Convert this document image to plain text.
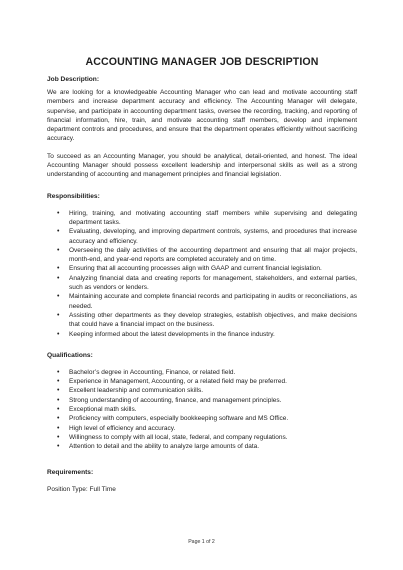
ACCOUNTING MANAGER JOB DESCRIPTION
Job Description:

We are looking for a knowledgeable Accounting Manager who can lead and motivate accounting staff members and increase department accuracy and efficiency. The Accounting Manager will delegate, supervise, and participate in accounting department tasks, oversee the recording, tracking, and reporting of financial information, hire, train, and motivate accounting staff members, develop and implement department controls and procedures, and ensure that the department operates efficiently without sacrificing accuracy.

To succeed as an Accounting Manager, you should be analytical, detail-oriented, and honest. The ideal Accounting Manager should possess excellent leadership and interpersonal skills as well as a strong understanding of accounting and management principles and financial legislation.

Responsibilities:
• Hiring, training, and motivating accounting staff members while supervising and delegating department tasks.
• Evaluating, developing, and improving department controls, systems, and procedures that increase accuracy and efficiency.
• Overseeing the daily activities of the accounting department and ensuring that all major projects, month-end, and year-end reports are completed accurately and on time.
• Ensuring that all accounting processes align with GAAP and current financial legislation.
• Analyzing financial data and creating reports for management, stakeholders, and external parties, such as vendors or lenders.
• Maintaining accurate and complete financial records and participating in audits or reconciliations, as needed.
• Assisting other departments as they develop strategies, establish objectives, and make decisions that could have a financial impact on the business.
• Keeping informed about the latest developments in the finance industry.
Qualifications:
• Bachelor’s degree in Accounting, Finance, or related field.
• Experience in Management, Accounting, or a related field may be preferred.
• Excellent leadership and communication skills.
• Strong understanding of accounting, finance, and management principles.
• Exceptional math skills.
• Proficiency with computers, especially bookkeeping software and MS Office.
• High level of efficiency and accuracy.
• Willingness to comply with all local, state, federal, and company regulations.
• Attention to detail and the ability to analyze large amounts of data.
Requirements:

Position Type: Full Time

Page 1 of 2
